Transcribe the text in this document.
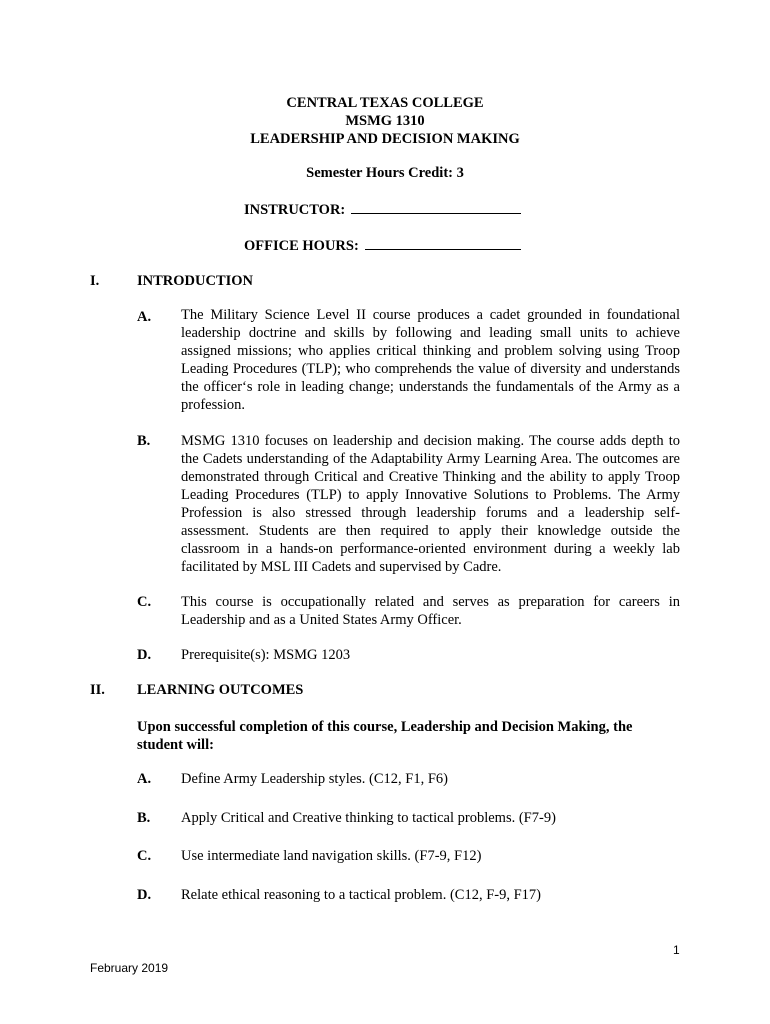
CENTRAL TEXAS COLLEGE
MSMG 1310
LEADERSHIP AND DECISION MAKING
Semester Hours Credit: 3
INSTRUCTOR:
OFFICE HOURS:
I.	INTRODUCTION
A. The Military Science Level II course produces a cadet grounded in foundational leadership doctrine and skills by following and leading small units to achieve assigned missions; who applies critical thinking and problem solving using Troop Leading Procedures (TLP); who comprehends the value of diversity and understands the officer‘s role in leading change; understands the fundamentals of the Army as a profession.
B. MSMG 1310 focuses on leadership and decision making. The course adds depth to the Cadets understanding of the Adaptability Army Learning Area. The outcomes are demonstrated through Critical and Creative Thinking and the ability to apply Troop Leading Procedures (TLP) to apply Innovative Solutions to Problems. The Army Profession is also stressed through leadership forums and a leadership self-assessment. Students are then required to apply their knowledge outside the classroom in a hands-on performance-oriented environment during a weekly lab facilitated by MSL III Cadets and supervised by Cadre.
C. This course is occupationally related and serves as preparation for careers in Leadership and as a United States Army Officer.
D. Prerequisite(s): MSMG 1203
II. LEARNING OUTCOMES
Upon successful completion of this course, Leadership and Decision Making, the student will:
A. Define Army Leadership styles. (C12, F1, F6)
B. Apply Critical and Creative thinking to tactical problems. (F7-9)
C. Use intermediate land navigation skills. (F7-9, F12)
D. Relate ethical reasoning to a tactical problem. (C12, F-9, F17)
1
February 2019
